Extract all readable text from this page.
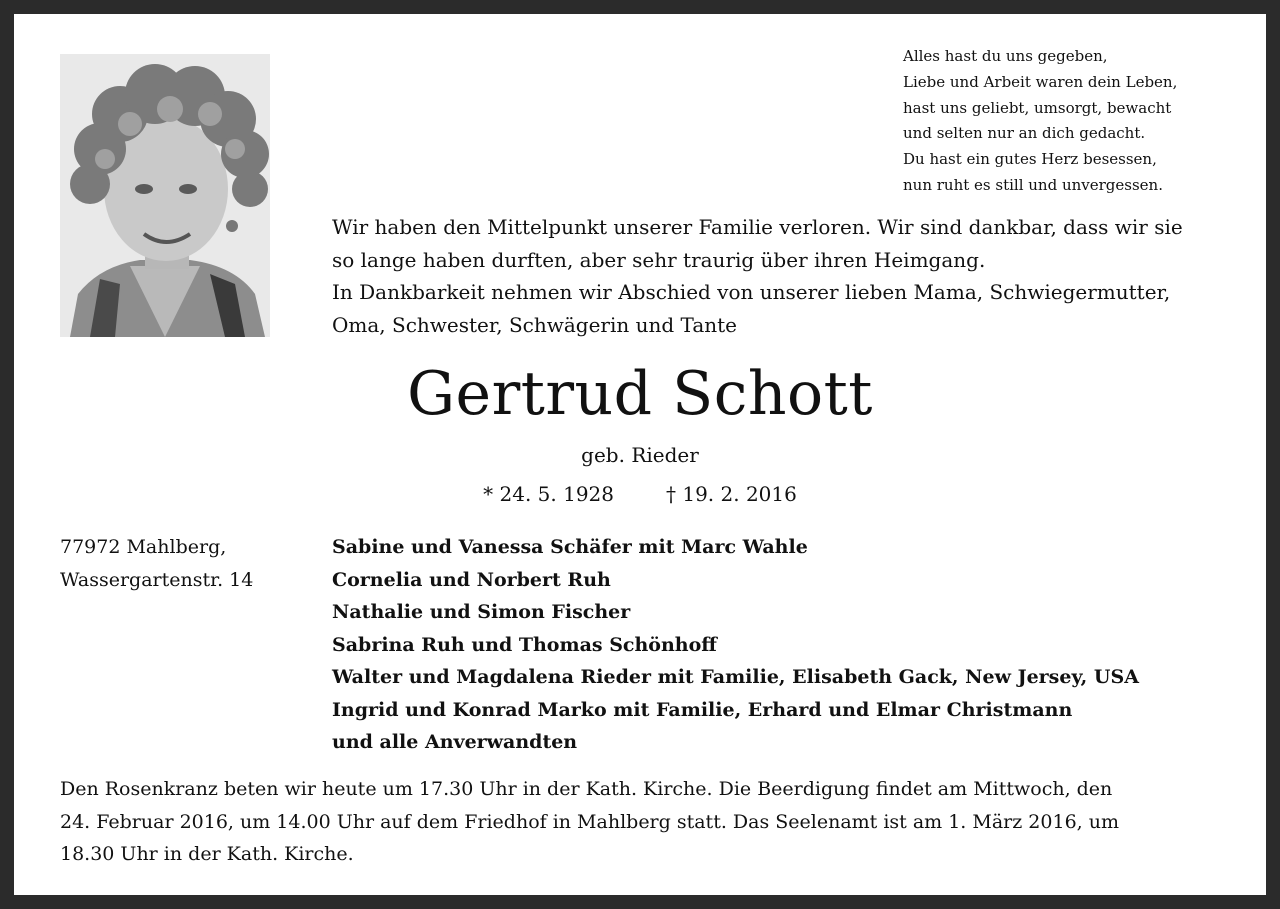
Alles hast du uns gegeben,
Liebe und Arbeit waren dein Leben,
hast uns geliebt, umsorgt, bewacht
und selten nur an dich gedacht.
Du hast ein gutes Herz besessen,
nun ruht es still und unvergessen.
Wir haben den Mittelpunkt unserer Familie verloren. Wir sind dankbar, dass wir sie
so lange haben durften, aber sehr traurig über ihren Heimgang.
In Dankbarkeit nehmen wir Abschied von unserer lieben Mama, Schwiegermutter,
Oma, Schwester, Schwägerin und Tante
Gertrud Schott
geb. Rieder
* 24. 5. 1928	† 19. 2. 2016
77972 Mahlberg,
Wassergartenstr. 14
Sabine und Vanessa Schäfer mit Marc Wahle
Cornelia und Norbert Ruh
Nathalie und Simon Fischer
Sabrina Ruh und Thomas Schönhoff
Walter und Magdalena Rieder mit Familie, Elisabeth Gack, New Jersey, USA
Ingrid und Konrad Marko mit Familie, Erhard und Elmar Christmann
und alle Anverwandten
Den Rosenkranz beten wir heute um 17.30 Uhr in der Kath. Kirche. Die Beerdigung findet am Mittwoch, den
24. Februar 2016, um 14.00 Uhr auf dem Friedhof in Mahlberg statt. Das Seelenamt ist am 1. März 2016, um
18.30 Uhr in der Kath. Kirche.
